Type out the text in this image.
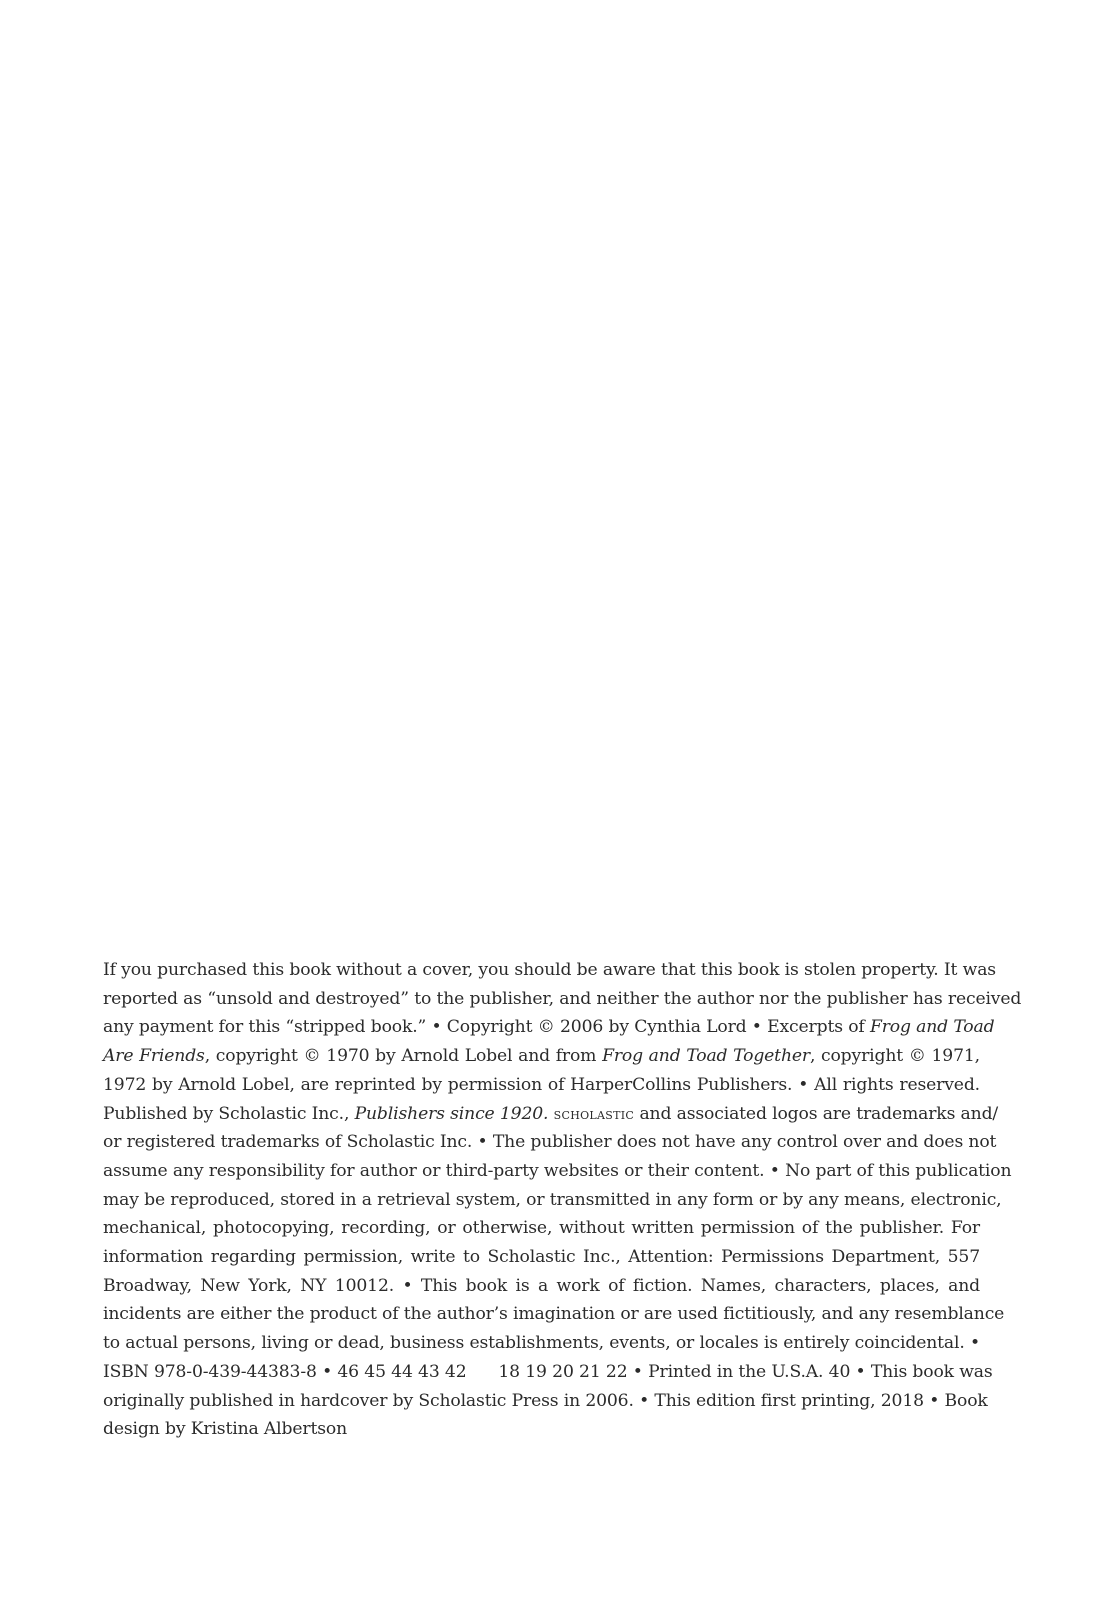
If you purchased this book without a cover, you should be aware that this book is stolen property. It was
reported as “unsold and destroyed” to the publisher, and neither the author nor the publisher has received
any payment for this “stripped book.” • Copyright © 2006 by Cynthia Lord • Excerpts of Frog and Toad
Are Friends, copyright © 1970 by Arnold Lobel and from Frog and Toad Together, copyright © 1971,
1972 by Arnold Lobel, are reprinted by permission of HarperCollins Publishers. • All rights reserved.
Published by Scholastic Inc., Publishers since 1920. scholastic and associated logos are trademarks and/
or registered trademarks of Scholastic Inc. • The publisher does not have any control over and does not
assume any responsibility for author or third-party websites or their content. • No part of this publication
may be reproduced, stored in a retrieval system, or transmitted in any form or by any means, electronic,
mechanical, photocopying, recording, or otherwise, without written permission of the publisher. For
information regarding permission, write to Scholastic Inc., Attention: Permissions Department, 557
Broadway, New York, NY 10012. • This book is a work of fiction. Names, characters, places, and
incidents are either the product of the author’s imagination or are used fictitiously, and any resemblance
to actual persons, living or dead, business establishments, events, or locales is entirely coincidental. •
ISBN 978-0-439-44383-8 • 46 45 44 43 42      18 19 20 21 22 • Printed in the U.S.A. 40 • This book was
originally published in hardcover by Scholastic Press in 2006. • This edition first printing, 2018 • Book
design by Kristina Albertson
